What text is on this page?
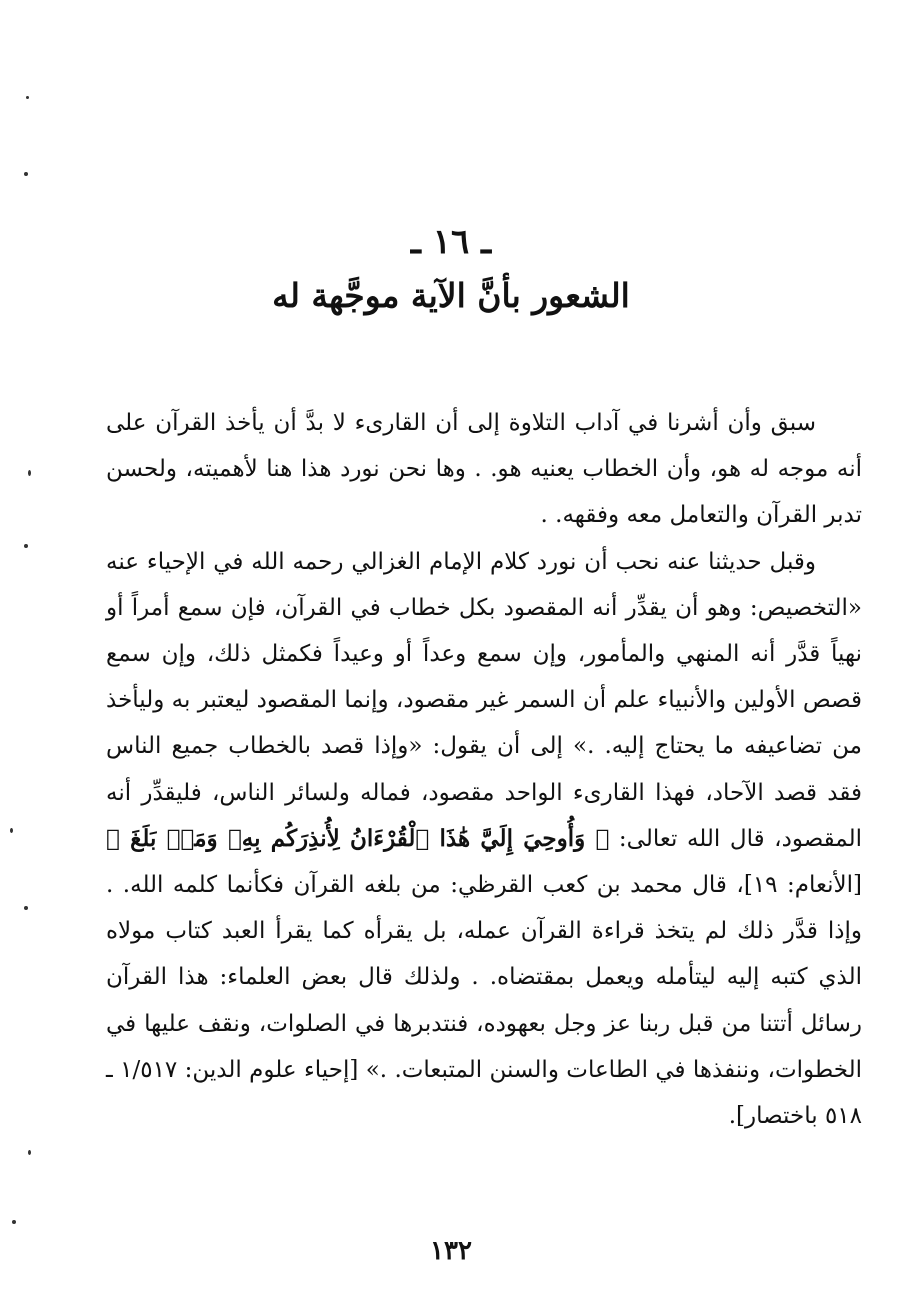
ـ ١٦ ـ
الشعور بأنَّ الآية موجَّهة له

سبق وأن أشرنا في آداب التلاوة إلى أن القارىء لا بدَّ أن يأخذ القرآن على أنه موجه له هو، وأن الخطاب يعنيه هو. . وها نحن نورد هذا هنا لأهميته، ولحسن تدبر القرآن والتعامل معه وفقهه. .

وقبل حديثنا عنه نحب أن نورد كلام الإمام الغزالي رحمه الله في الإحياء عنه «التخصيص: وهو أن يقدِّر أنه المقصود بكل خطاب في القرآن، فإن سمع أمراً أو نهياً قدَّر أنه المنهي والمأمور، وإن سمع وعداً أو وعيداً فكمثل ذلك، وإن سمع قصص الأولين والأنبياء علم أن السمر غير مقصود، وإنما المقصود ليعتبر به وليأخذ من تضاعيفه ما يحتاج إليه. .» إلى أن يقول: «وإذا قصد بالخطاب جميع الناس فقد قصد الآحاد، فهذا القارىء الواحد مقصود، فماله ولسائر الناس، فليقدِّر أنه المقصود، قال الله تعالى: ﴿ وَأُوحِيَ إِلَيَّ هَٰذَا ٱلْقُرْءَانُ لِأُنذِرَكُم بِهِۦ وَمَنۢ بَلَغَ ﴾ [الأنعام: ١٩]، قال محمد بن كعب القرظي: من بلغه القرآن فكأنما كلمه الله. . وإذا قدَّر ذلك لم يتخذ قراءة القرآن عمله، بل يقرأه كما يقرأ العبد كتاب مولاه الذي كتبه إليه ليتأمله ويعمل بمقتضاه. . ولذلك قال بعض العلماء: هذا القرآن رسائل أتتنا من قبل ربنا عز وجل بعهوده، فنتدبرها في الصلوات، ونقف عليها في الخطوات، وننفذها في الطاعات والسنن المتبعات. .» [إحياء علوم الدين: ١/٥١٧ ـ ٥١٨ باختصار].

١٣٢
